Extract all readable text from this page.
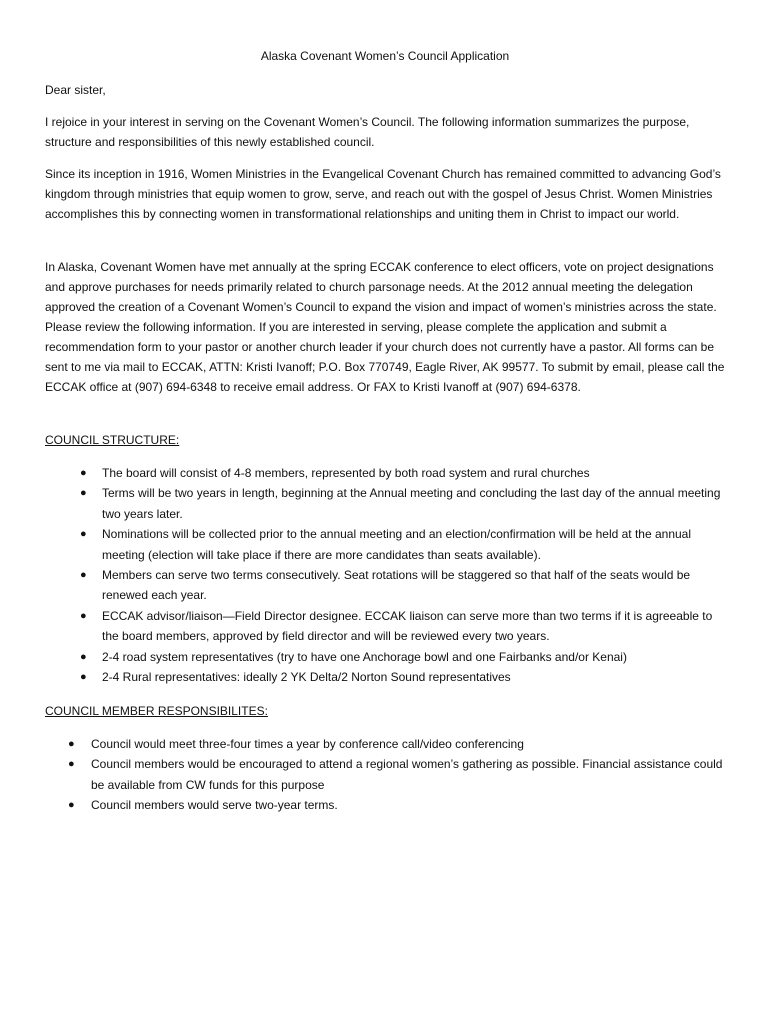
Alaska Covenant Women’s Council Application

Dear sister,

I rejoice in your interest in serving on the Covenant Women’s Council. The following information summarizes the purpose, structure and responsibilities of this newly established council.

Since its inception in 1916, Women Ministries in the Evangelical Covenant Church has remained committed to advancing God’s kingdom through ministries that equip women to grow, serve, and reach out with the gospel of Jesus Christ. Women Ministries accomplishes this by connecting women in transformational relationships and uniting them in Christ to impact our world.

In Alaska, Covenant Women have met annually at the spring ECCAK conference to elect officers, vote on project designations and approve purchases for needs primarily related to church parsonage needs. At the 2012 annual meeting the delegation approved the creation of a Covenant Women’s Council to expand the vision and impact of women’s ministries across the state. Please review the following information. If you are interested in serving, please complete the application and submit a recommendation form to your pastor or another church leader if your church does not currently have a pastor. All forms can be sent to me via mail to ECCAK, ATTN: Kristi Ivanoff; P.O. Box 770749, Eagle River, AK 99577. To submit by email, please call the ECCAK office at (907) 694-6348 to receive email address. Or FAX to Kristi Ivanoff at (907) 694-6378.

COUNCIL STRUCTURE:

● The board will consist of 4-8 members, represented by both road system and rural churches
● Terms will be two years in length, beginning at the Annual meeting and concluding the last day of the annual meeting two years later.
● Nominations will be collected prior to the annual meeting and an election/confirmation will be held at the annual meeting (election will take place if there are more candidates than seats available).
● Members can serve two terms consecutively. Seat rotations will be staggered so that half of the seats would be renewed each year.
● ECCAK advisor/liaison—Field Director designee. ECCAK liaison can serve more than two terms if it is agreeable to the board members, approved by field director and will be reviewed every two years.
● 2-4 road system representatives (try to have one Anchorage bowl and one Fairbanks and/or Kenai)
● 2-4 Rural representatives: ideally 2 YK Delta/2 Norton Sound representatives

COUNCIL MEMBER RESPONSIBILITES:

● Council would meet three-four times a year by conference call/video conferencing
● Council members would be encouraged to attend a regional women’s gathering as possible. Financial assistance could be available from CW funds for this purpose
● Council members would serve two-year terms.
